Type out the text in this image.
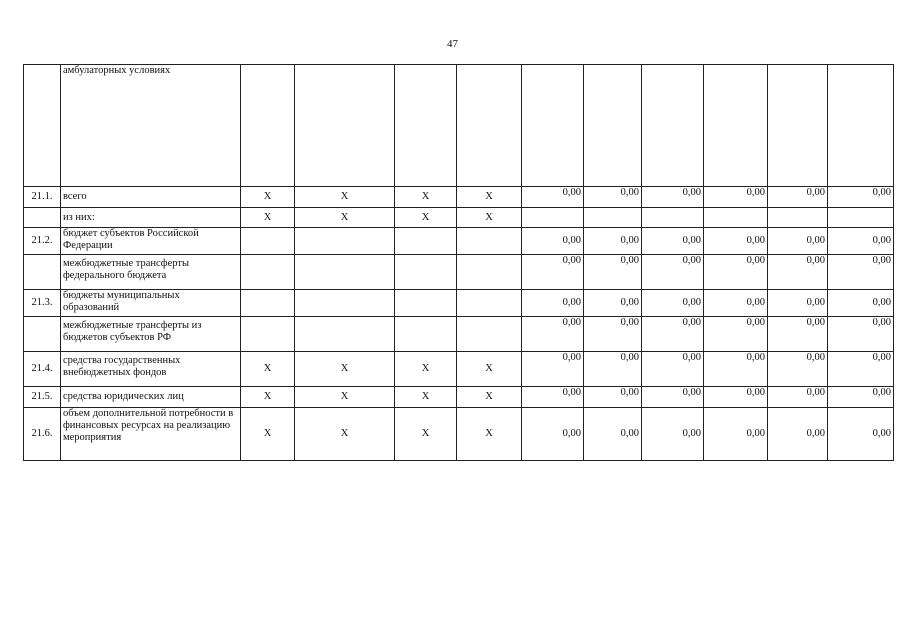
47
	амбулаторных условиях										
21.1.	всего	Х	Х	Х	Х	0,00	0,00	0,00	0,00	0,00	0,00
	из них:	Х	Х	Х	Х						
21.2.	бюджет субъектов Российской Федерации					0,00	0,00	0,00	0,00	0,00	0,00
	межбюджетные трансферты федерального бюджета					0,00	0,00	0,00	0,00	0,00	0,00
21.3.	бюджеты муниципальных образований					0,00	0,00	0,00	0,00	0,00	0,00
	межбюджетные трансферты из бюджетов субъектов РФ					0,00	0,00	0,00	0,00	0,00	0,00
21.4.	средства государственных внебюджетных фондов	Х	Х	Х	Х	0,00	0,00	0,00	0,00	0,00	0,00
21.5.	средства юридических лиц	Х	Х	Х	Х	0,00	0,00	0,00	0,00	0,00	0,00
21.6.	объем дополнительной потребности в финансовых ресурсах на реализацию мероприятия	Х	Х	Х	Х	0,00	0,00	0,00	0,00	0,00	0,00
